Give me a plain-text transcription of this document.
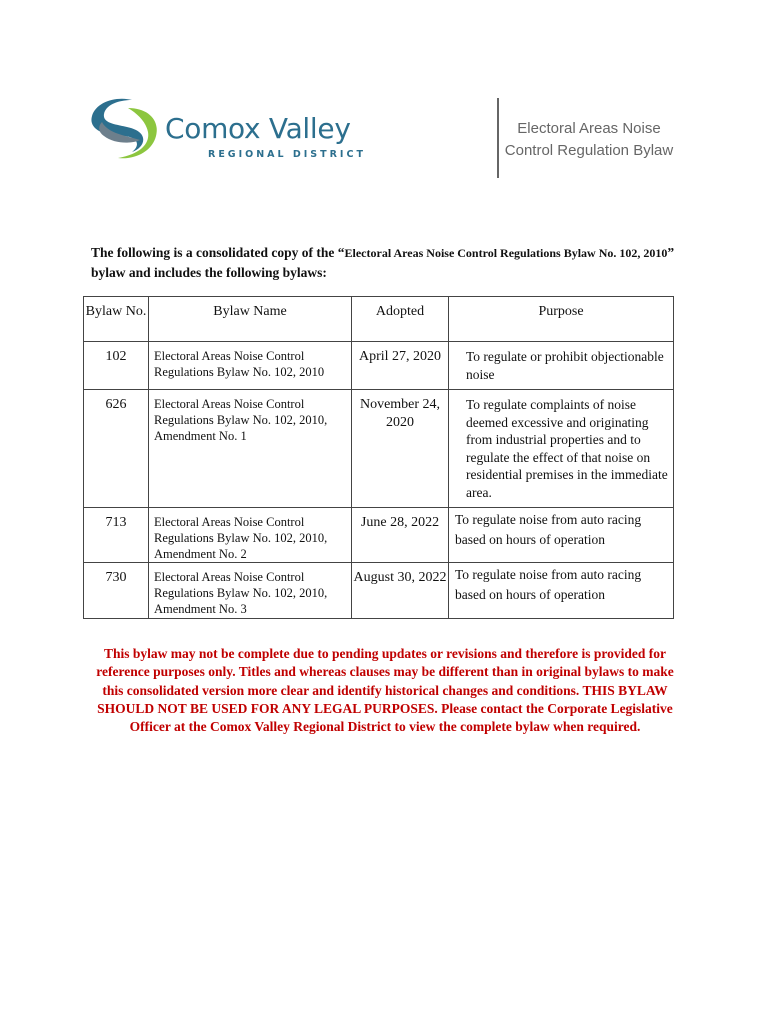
Comox Valley
REGIONAL DISTRICT
Electoral Areas Noise Control Regulation Bylaw
The following is a consolidated copy of the “Electoral Areas Noise Control Regulations Bylaw No. 102, 2010” bylaw and includes the following bylaws:
Bylaw No.	Bylaw Name	Adopted	Purpose
102	Electoral Areas Noise Control Regulations Bylaw No. 102, 2010	April 27, 2020	To regulate or prohibit objectionable noise
626	Electoral Areas Noise Control Regulations Bylaw No. 102, 2010, Amendment No. 1	November 24, 2020	To regulate complaints of noise deemed excessive and originating from industrial properties and to regulate the effect of that noise on residential premises in the immediate area.
713	Electoral Areas Noise Control Regulations Bylaw No. 102, 2010, Amendment No. 2	June 28, 2022	To regulate noise from auto racing based on hours of operation
730	Electoral Areas Noise Control Regulations Bylaw No. 102, 2010, Amendment No. 3	August 30, 2022	To regulate noise from auto racing based on hours of operation
This bylaw may not be complete due to pending updates or revisions and therefore is provided for reference purposes only. Titles and whereas clauses may be different than in original bylaws to make this consolidated version more clear and identify historical changes and conditions. THIS BYLAW SHOULD NOT BE USED FOR ANY LEGAL PURPOSES. Please contact the Corporate Legislative Officer at the Comox Valley Regional District to view the complete bylaw when required.
